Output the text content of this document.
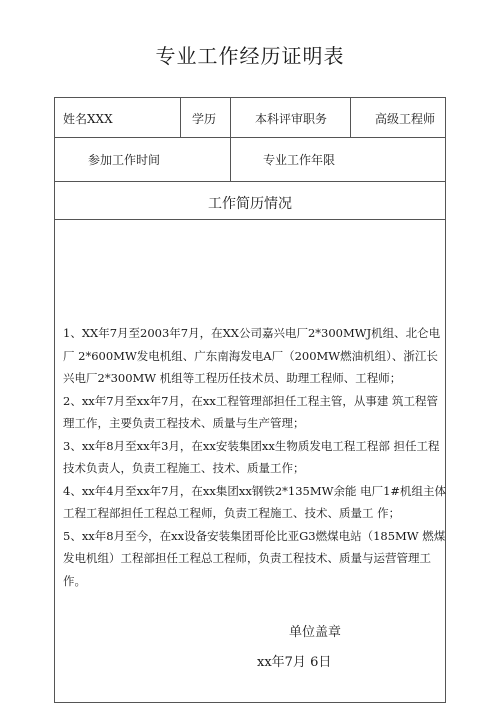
专业工作经历证明表
姓名XXX	学历	本科评审职务	高级工程师
参加工作时间	专业工作年限
工作简历情况
1、XX年7月至2003年7月，在XX公司嘉兴电厂2*300MWJ机组、北仑电厂 2*600MW发电机组、广东南海发电A厂（200MW燃油机组）、浙江长兴电厂2*300MW 机组等工程历任技术员、助理工程师、工程师；
2、xx年7月至xx年7月，在xx工程管理部担任工程主管，从事建 筑工程管理工作，主要负责工程技术、质量与生产管理；
3、xx年8月至xx年3月，在xx安装集团xx生物质发电工程工程部 担任工程技术负责人，负责工程施工、技术、质量工作；
4、xx年4月至xx年7月，在xx集团xx钢铁2*135MW余能 电厂1#机组主体工程工程部担任工程总工程师，负责工程施工、技术、质量工 作；
5、xx年8月至今，在xx设备安装集团哥伦比亚G3燃煤电站（185MW 燃煤发电机组）工程部担任工程总工程师，负责工程技术、质量与运营管理工 作。
单位盖章
xx年7月 6日
